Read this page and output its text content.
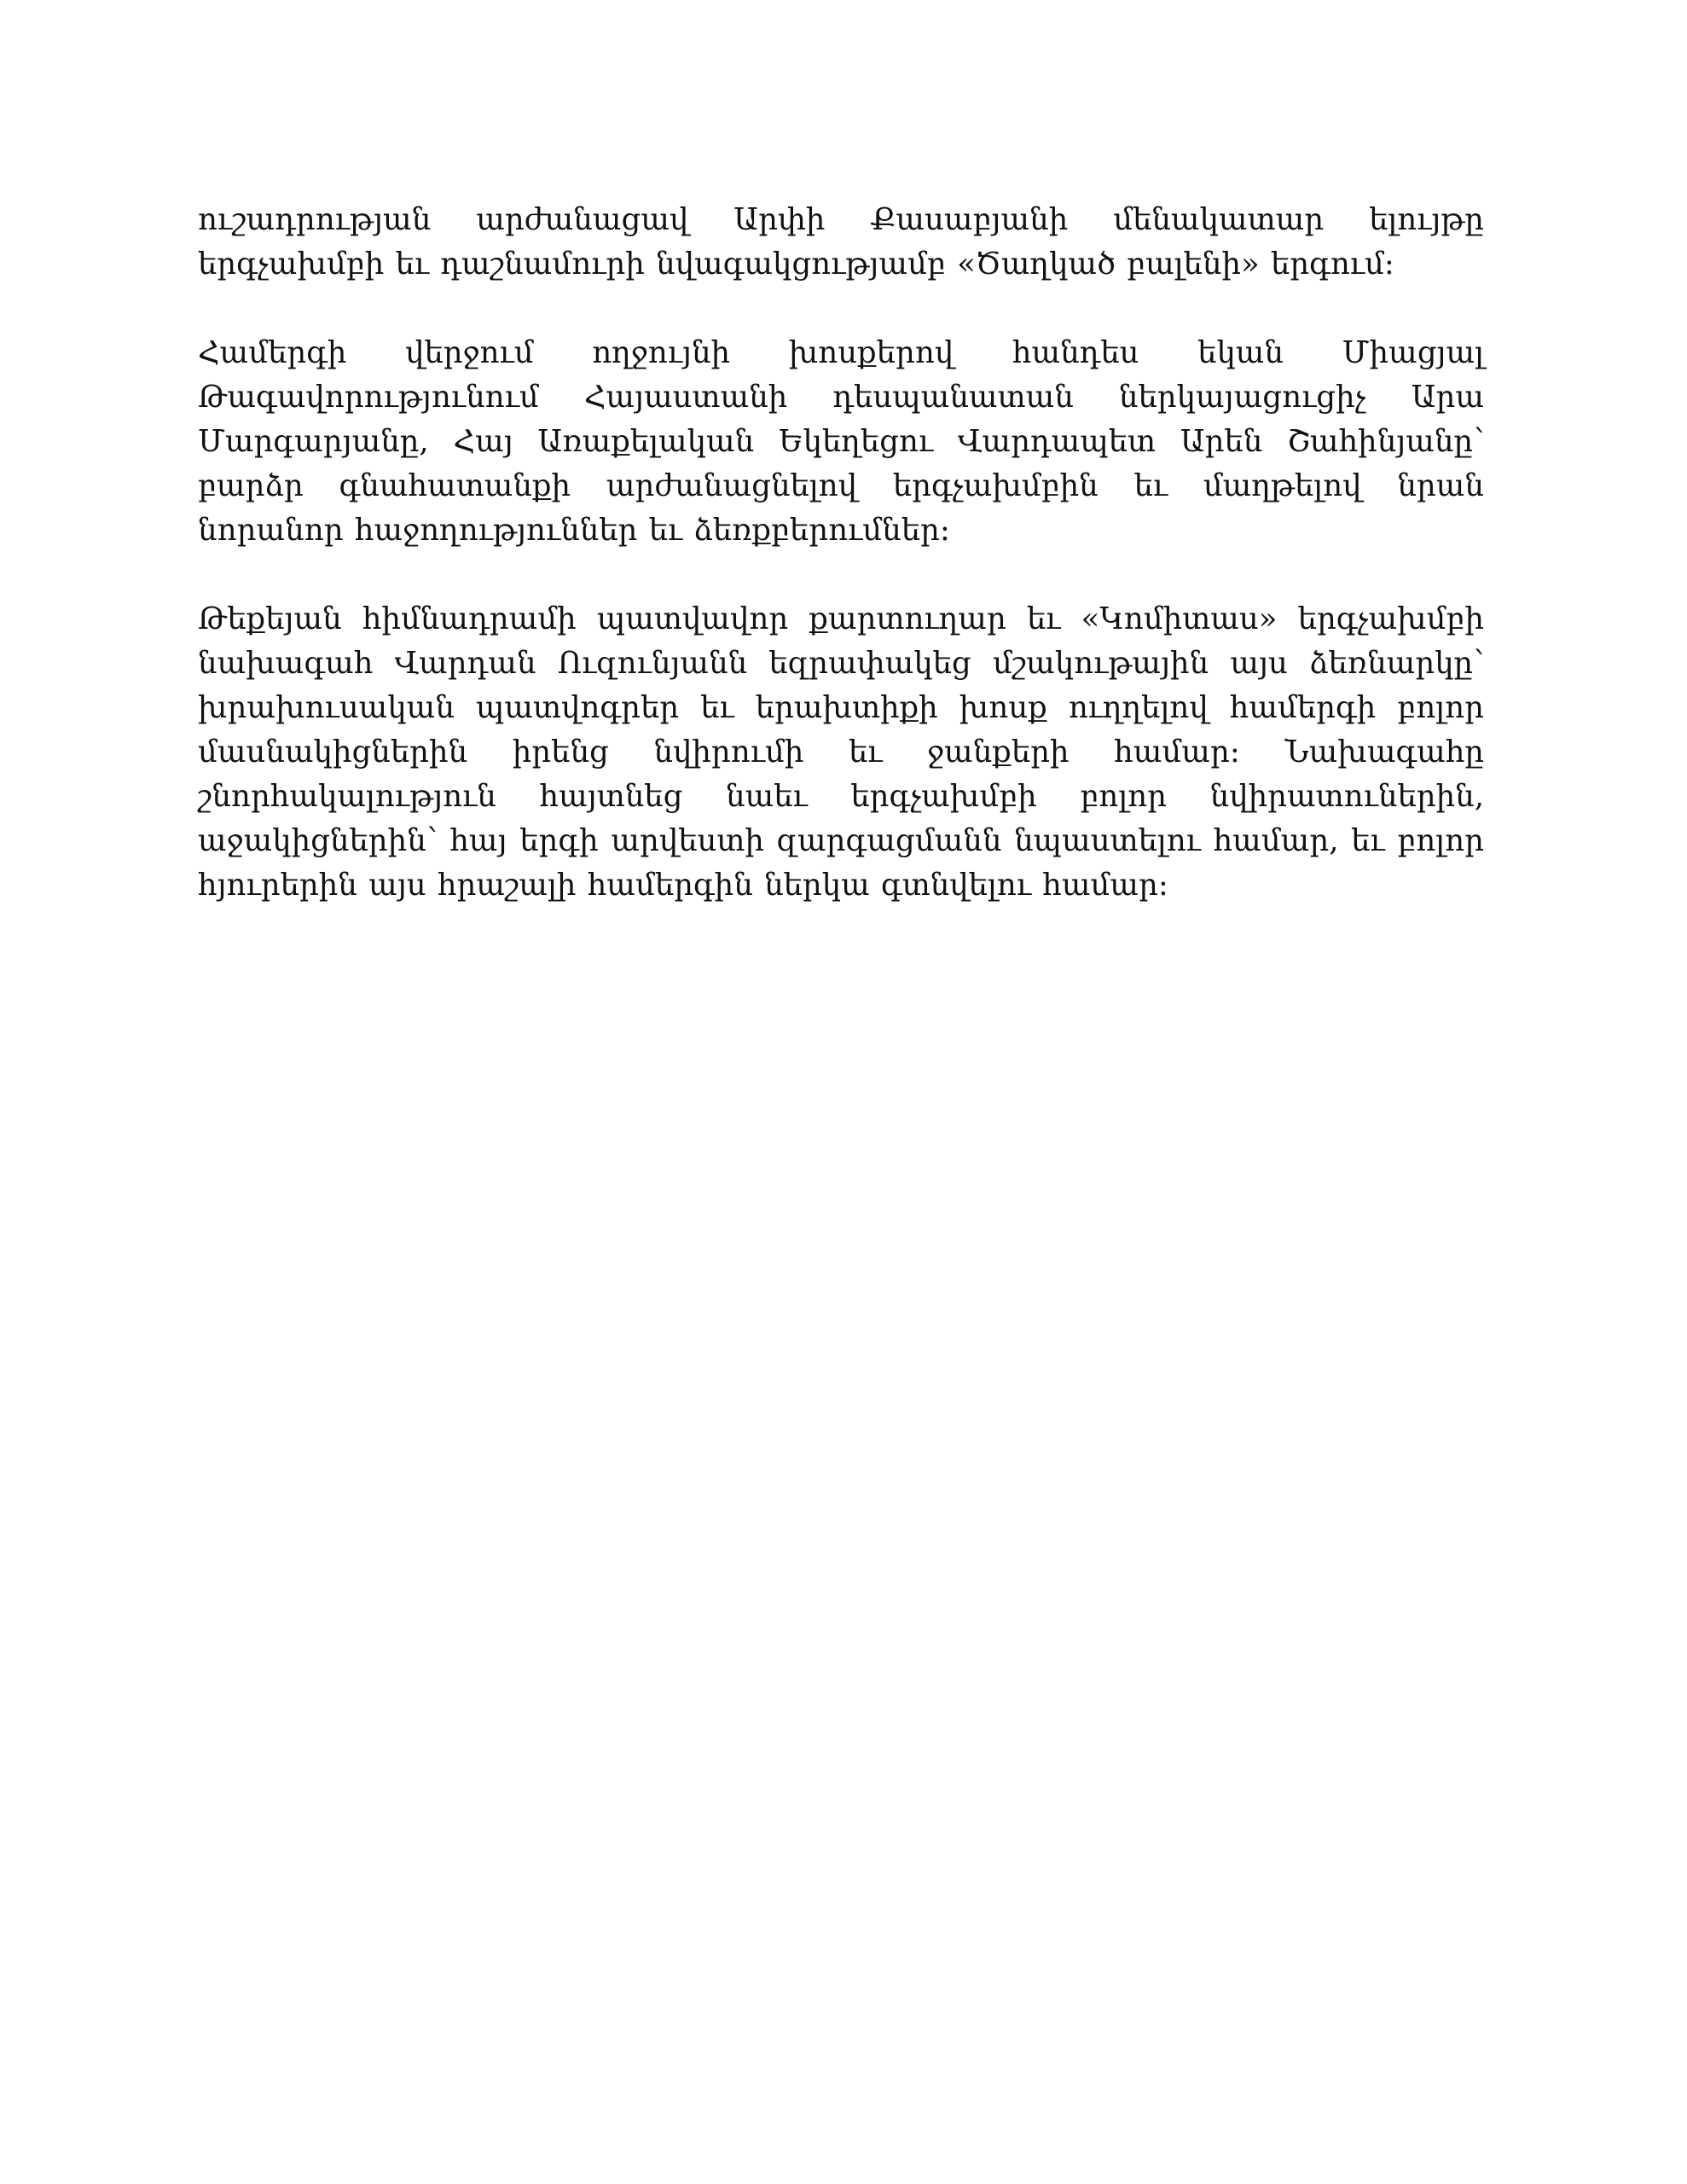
ուշադրության արժանացավ Արփի Քասաբյանի մենակատար ելույթը երգչախմբի եւ դաշնամուրի նվագակցությամբ «Ծաղկած բալենի» երգում:

Համերգի վերջում ողջույնի խոսքերով հանդես եկան Միացյալ Թագավորությունում Հայաստանի դեսպանատան ներկայացուցիչ Արա Մարգարյանը, Հայ Առաքելական Եկեղեցու Վարդապետ Արեն Շահինյանը՝ բարձր գնահատանքի արժանացնելով երգչախմբին եւ մաղթելով նրան նորանոր հաջողություններ եւ ձեռքբերումներ:

Թեքեյան հիմնադրամի պատվավոր քարտուղար եւ «Կոմիտաս» երգչախմբի նախագահ Վարդան Ուզունյանն եզրափակեց մշակութային այս ձեռնարկը՝ խրախուսական պատվոգրեր եւ երախտիքի խոսք ուղղելով համերգի բոլոր մասնակիցներին իրենց նվիրումի եւ ջանքերի համար: Նախագահը շնորհակալություն հայտնեց նաեւ երգչախմբի բոլոր նվիրատուներին, աջակիցներին՝ հայ երգի արվեստի զարգացմանն նպաստելու համար, եւ բոլոր հյուրերին այս հրաշալի համերգին ներկա գտնվելու համար:
